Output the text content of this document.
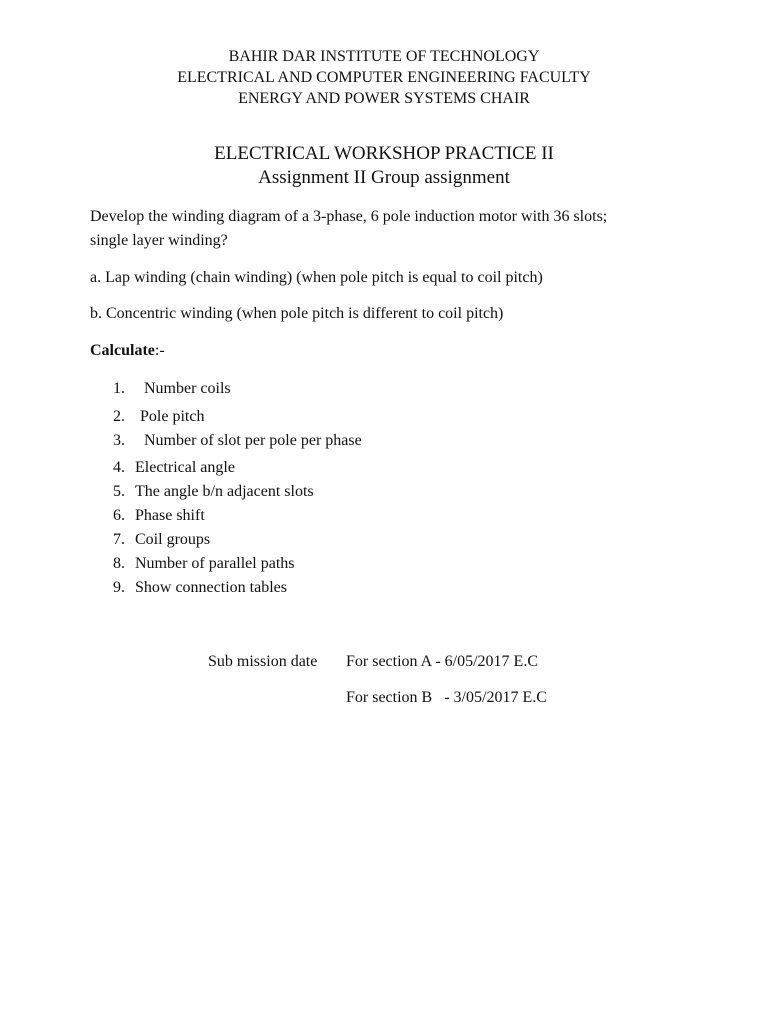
BAHIR DAR INSTITUTE OF TECHNOLOGY
ELECTRICAL AND COMPUTER ENGINEERING FACULTY
ENERGY AND POWER SYSTEMS CHAIR
ELECTRICAL WORKSHOP PRACTICE II
Assignment II Group assignment
Develop the winding diagram of a 3-phase, 6 pole induction motor with 36 slots;
single layer winding?
a. Lap winding (chain winding) (when pole pitch is equal to coil pitch)
b. Concentric winding (when pole pitch is different to coil pitch)
Calculate:-
1. Number coils
2. Pole pitch
3. Number of slot per pole per phase
4. Electrical angle
5. The angle b/n adjacent slots
6. Phase shift
7. Coil groups
8. Number of parallel paths
9. Show connection tables
Sub mission date For section A - 6/05/2017 E.C
For section B   - 3/05/2017 E.C
